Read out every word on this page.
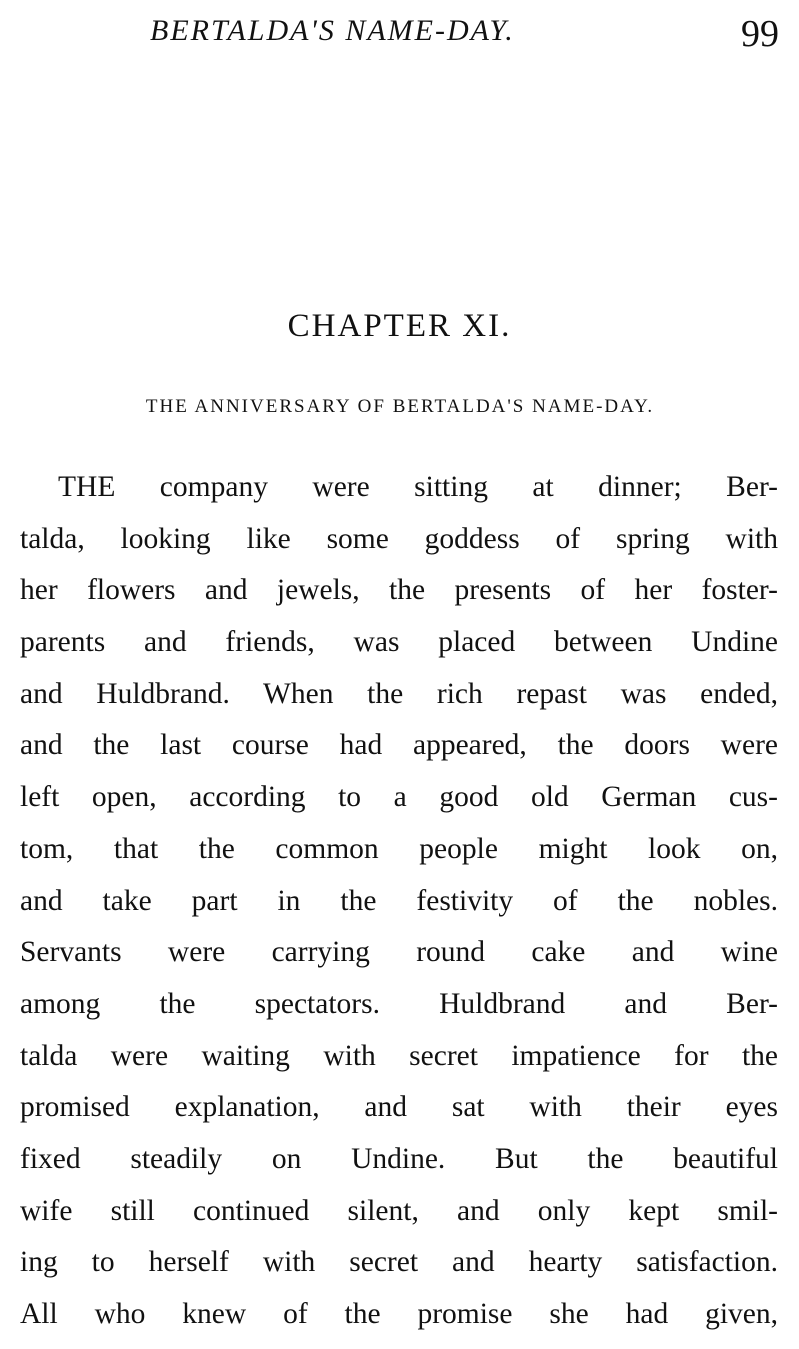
BERTALDA'S NAME-DAY.	99
CHAPTER XI.
THE ANNIVERSARY OF BERTALDA'S NAME-DAY.
THE company were sitting at dinner; Ber-
talda, looking like some goddess of spring with
her flowers and jewels, the presents of her foster-
parents and friends, was placed between Undine
and Huldbrand. When the rich repast was ended,
and the last course had appeared, the doors were
left open, according to a good old German cus-
tom, that the common people might look on,
and take part in the festivity of the nobles.
Servants were carrying round cake and wine
among the spectators. Huldbrand and Ber-
talda were waiting with secret impatience for the
promised explanation, and sat with their eyes
fixed steadily on Undine. But the beautiful
wife still continued silent, and only kept smil-
ing to herself with secret and hearty satisfaction.
All who knew of the promise she had given,
